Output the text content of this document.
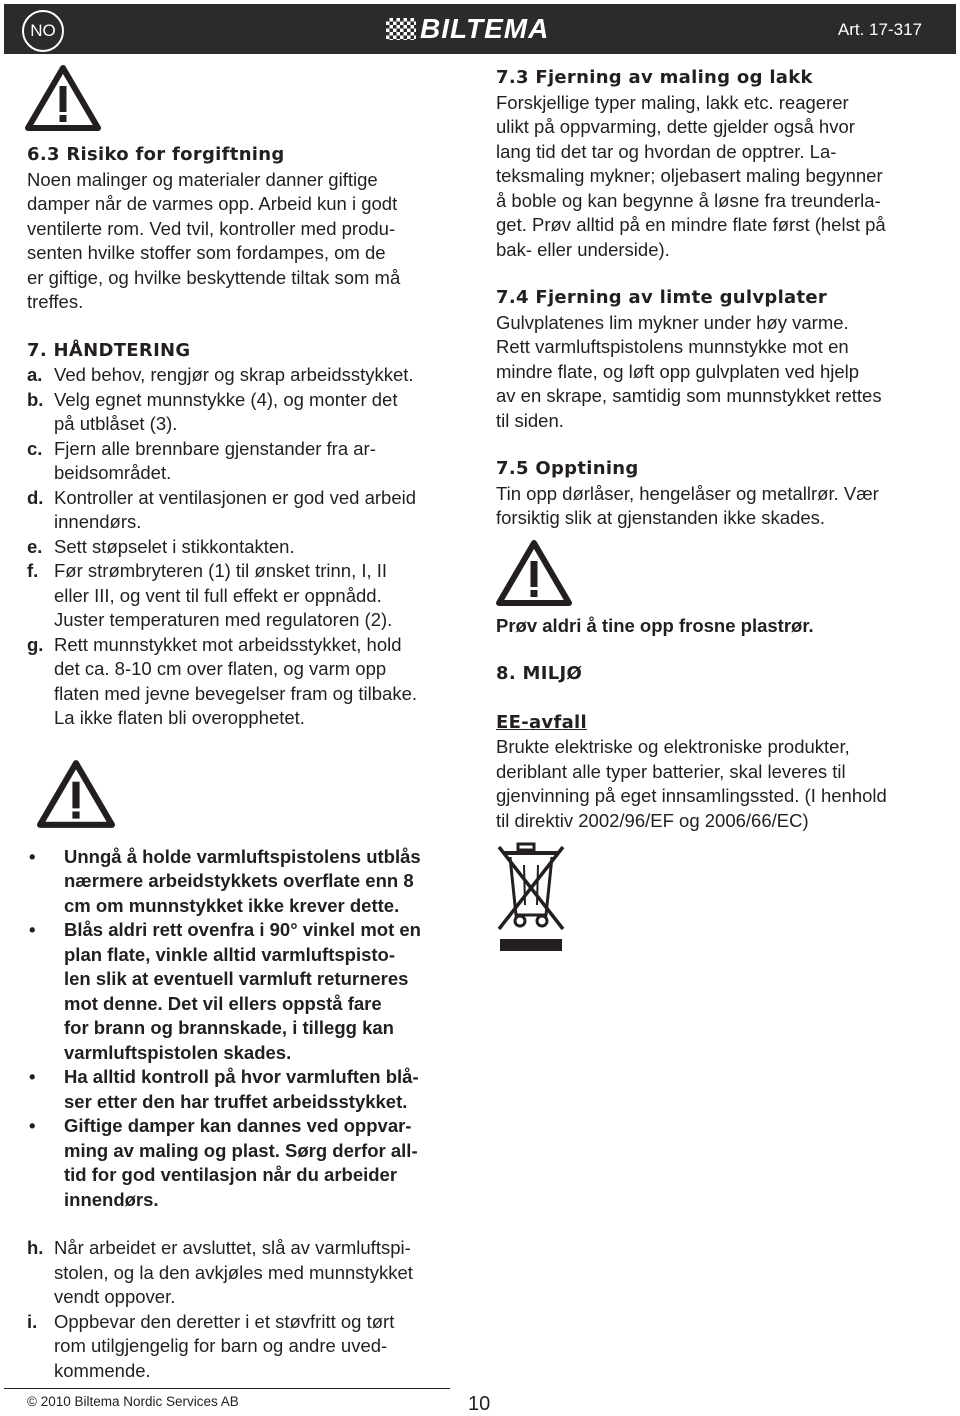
NO	BILTEMA	Art. 17-317
6.3 Risiko for forgiftning

Noen malinger og materialer danner giftige
damper når de varmes opp. Arbeid kun i godt
ventilerte rom. Ved tvil, kontroller med produ-
senten hvilke stoffer som fordampes, om de
er giftige, og hvilke beskyttende tiltak som må
treffes.

7. HÅNDTERING
a. Ved behov, rengjør og skrap arbeidsstykket.
b. Velg egnet munnstykke (4), og monter det
på utblåset (3).
c. Fjern alle brennbare gjenstander fra ar-
beidsområdet.
d. Kontroller at ventilasjonen er god ved arbeid
innendørs.
e. Sett støpselet i stikkontakten.
f. Før strømbryteren (1) til ønsket trinn, I, II
eller III, og vent til full effekt er oppnådd.
Juster temperaturen med regulatoren (2).
g. Rett munnstykket mot arbeidsstykket, hold
det ca. 8-10 cm over flaten, og varm opp
flaten med jevne bevegelser fram og tilbake.
La ikke flaten bli overopphetet.
•	Unngå å holde varmluftspistolens utblås
nærmere arbeidstykkets overflate enn 8
cm om munnstykket ikke krever dette.
•	Blås aldri rett ovenfra i 90° vinkel mot en
plan flate, vinkle alltid varmluftspisto-
len slik at eventuell varmluft returneres
mot denne. Det vil ellers oppstå fare
for brann og brannskade, i tillegg kan
varmluftspistolen skades.
•	Ha alltid kontroll på hvor varmluften blå-
ser etter den har truffet arbeidsstykket.
•	Giftige damper kan dannes ved oppvar-
ming av maling og plast. Sørg derfor all-
tid for god ventilasjon når du arbeider
innendørs.
h. Når arbeidet er avsluttet, slå av varmluftspi-
stolen, og la den avkjøles med munnstykket
vendt oppover.
i. Oppbevar den deretter i et støvfritt og tørt
rom utilgjengelig for barn og andre uved-
kommende.
7.3 Fjerning av maling og lakk

Forskjellige typer maling, lakk etc. reagerer
ulikt på oppvarming, dette gjelder også hvor
lang tid det tar og hvordan de opptrer. La-
teksmaling mykner; oljebasert maling begynner
å boble og kan begynne å løsne fra treunderla-
get. Prøv alltid på en mindre flate først (helst på
bak- eller underside).

7.4 Fjerning av limte gulvplater

Gulvplatenes lim mykner under høy varme.
Rett varmluftspistolens munnstykke mot en
mindre flate, og løft opp gulvplaten ved hjelp
av en skrape, samtidig som munnstykket rettes
til siden.

7.5 Opptining

Tin opp dørlåser, hengelåser og metallrør. Vær
forsiktig slik at gjenstanden ikke skades.

Prøv aldri å tine opp frosne plastrør.

8. MILJØ
EE-avfall

Brukte elektriske og elektroniske produkter,
deriblant alle typer batterier, skal leveres til
gjenvinning på eget innsamlingssted. (I henhold
til direktiv 2002/96/EF og 2006/66/EC)

© 2010 Biltema Nordic Services AB	10
